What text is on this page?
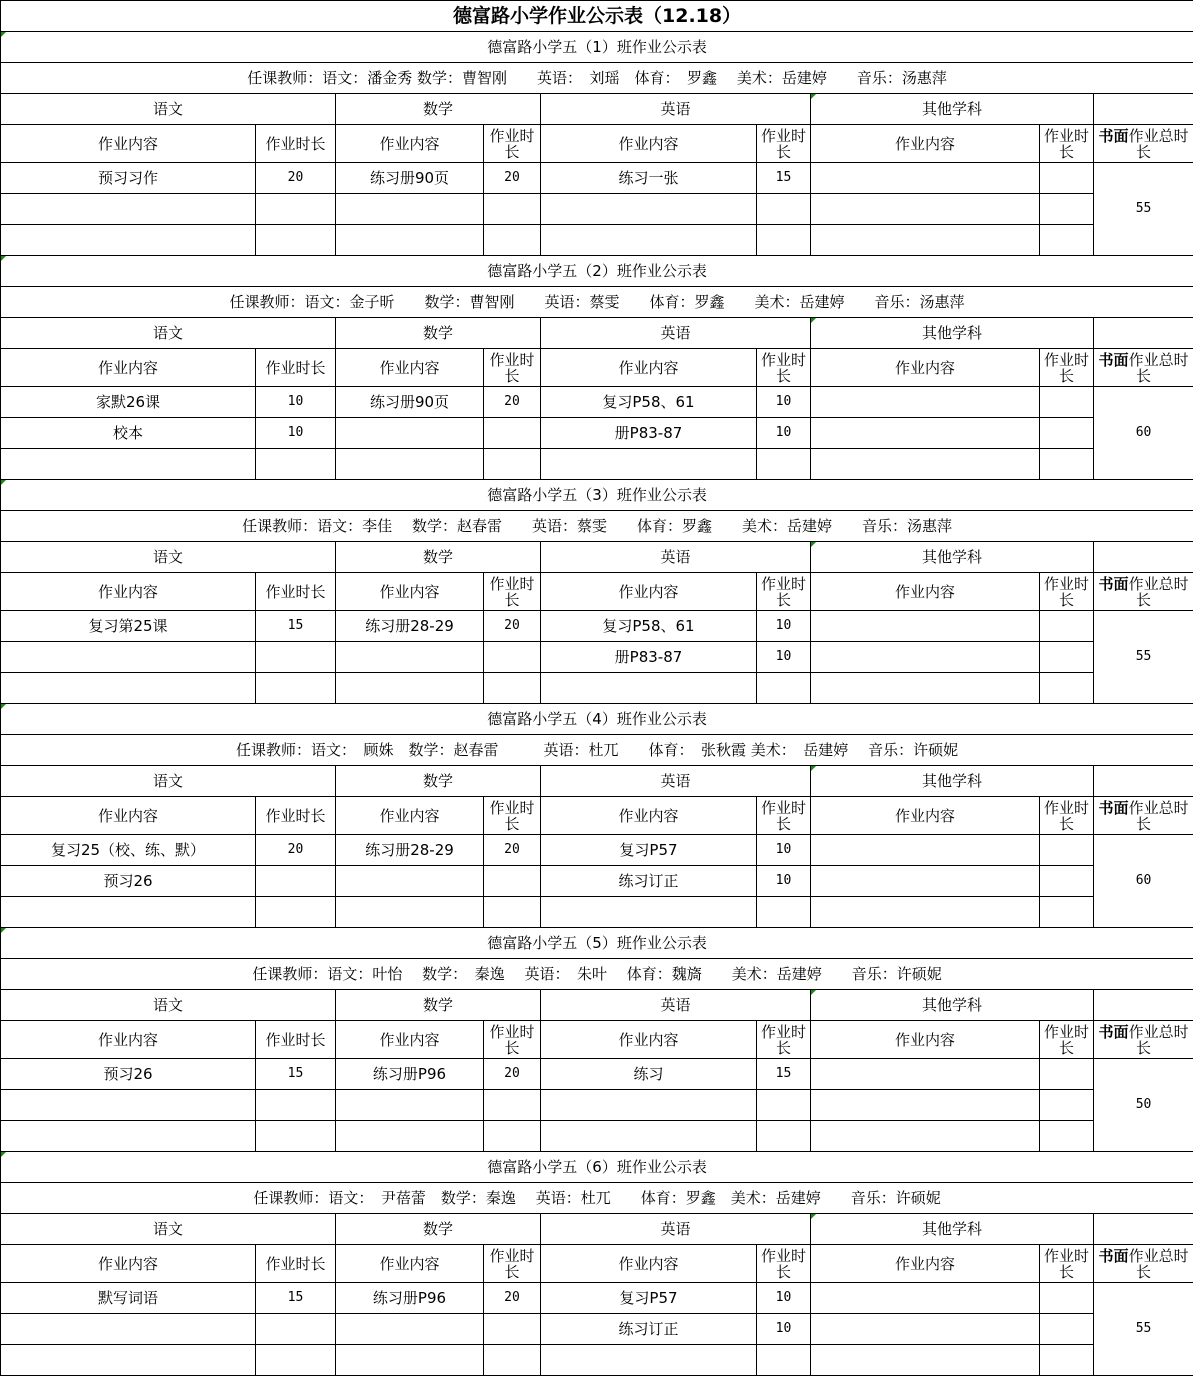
德富路小学作业公示表（12.18）								
德富路小学五（1）班作业公示表								
任课教师：语文：潘金秀 数学：曹智刚　　英语：　刘瑶　体育：　罗鑫　 美术：岳建婷　　音乐：汤惠萍								
语文		数学		英语		其他学科		
作业内容	作业时长	作业内容	作业时长	作业内容	作业时长	作业内容	作业时长	书面作业总时长
预习习作	20	练习册90页	20	练习一张	15			55

德富路小学五（2）班作业公示表								
任课教师：语文：金子昕　　数学：曹智刚　　英语：蔡雯　　体育：罗鑫　　美术：岳建婷　　音乐：汤惠萍								
语文		数学		英语		其他学科		
作业内容	作业时长	作业内容	作业时长	作业内容	作业时长	作业内容	作业时长	书面作业总时长
家默26课	10	练习册90页	20	复习P58、61	10			60
校本	10			册P83-87	10			

德富路小学五（3）班作业公示表								
任课教师：语文：李佳　 数学：赵春雷　　英语：蔡雯　　体育：罗鑫　　美术：岳建婷　　音乐：汤惠萍								
语文		数学		英语		其他学科		
作业内容	作业时长	作业内容	作业时长	作业内容	作业时长	作业内容	作业时长	书面作业总时长
复习第25课	15	练习册28-29	20	复习P58、61	10			55
				册P83-87	10			

德富路小学五（4）班作业公示表								
任课教师：语文：　顾姝　数学：赵春雷　　　英语：杜兀　　体育：　张秋霞 美术：　岳建婷　 音乐：许硕妮								
语文		数学		英语		其他学科		
作业内容	作业时长	作业内容	作业时长	作业内容	作业时长	作业内容	作业时长	书面作业总时长
复习25（校、练、默）	20	练习册28-29	20	复习P57	10			60
预习26				练习订正	10			

德富路小学五（5）班作业公示表								
任课教师：语文：叶怡　 数学：　秦逸　 英语：　朱叶　 体育：魏旖　　美术：岳建婷　　音乐：许硕妮								
语文		数学		英语		其他学科		
作业内容	作业时长	作业内容	作业时长	作业内容	作业时长	作业内容	作业时长	书面作业总时长
预习26	15	练习册P96	20	练习	15			50

德富路小学五（6）班作业公示表								
任课教师：语文：　尹蓓蕾　数学：秦逸　 英语：杜兀　　体育：罗鑫　美术：岳建婷　　音乐：许硕妮								
语文		数学		英语		其他学科		
作业内容	作业时长	作业内容	作业时长	作业内容	作业时长	作业内容	作业时长	书面作业总时长
默写词语	15	练习册P96	20	复习P57	10			55
				练习订正	10			
